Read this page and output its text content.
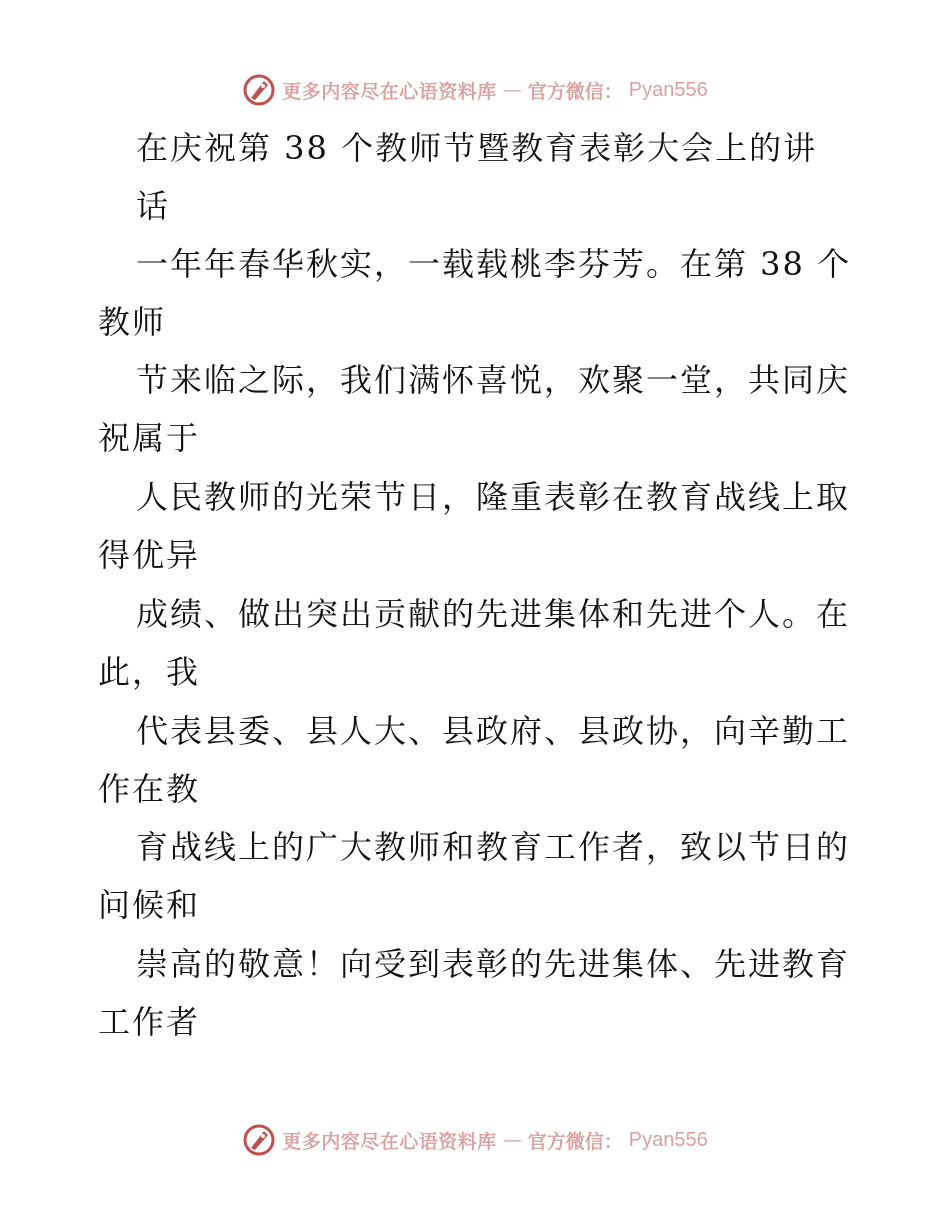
更多内容尽在心语资料库 — 官方微信： Pyan556
在庆祝第 38 个教师节暨教育表彰大会上的讲
话
一年年春华秋实，一载载桃李芬芳。在第 38 个
教师
节来临之际，我们满怀喜悦，欢聚一堂，共同庆
祝属于
人民教师的光荣节日，隆重表彰在教育战线上取
得优异
成绩、做出突出贡献的先进集体和先进个人。在
此，我
代表县委、县人大、县政府、县政协，向辛勤工
作在教
育战线上的广大教师和教育工作者，致以节日的
问候和
崇高的敬意！向受到表彰的先进集体、先进教育
工作者
更多内容尽在心语资料库 — 官方微信： Pyan556
